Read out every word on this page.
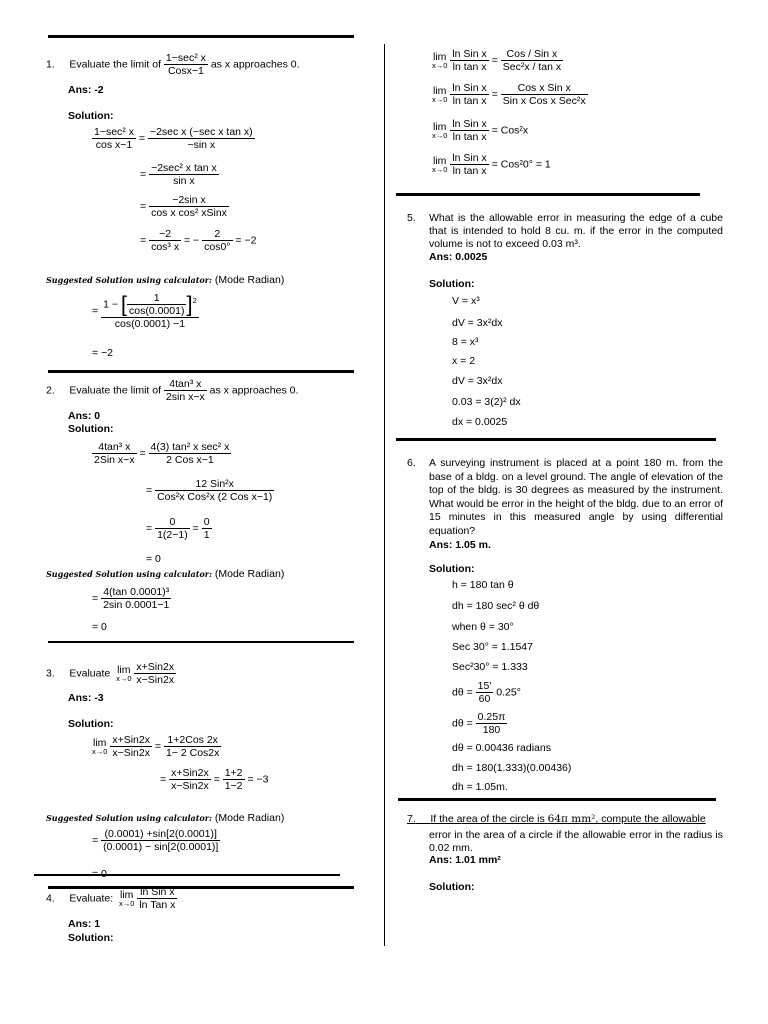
1. Evaluate the limit of $\frac{\text{1−sec² x}}{\text{Cosx−1}}$ as x approaches 0.
Ans: -2
Solution:
$\frac{\text{1−sec² x}}{\text{cos x−1}} = \frac{\text{−2sec x (−sec x tan x)}}{\text{−sin x}}$
= $\frac{\text{−2sec² x tan x}}{\text{sin x}}$
= $\frac{\text{−2sin x}}{\text{cos x cos² xSinx}}$
= $\frac{-2}{\text{cos³ x}}$ = − $\frac{2}{\cos 0^\circ} = -2$
Suggested Solution using calculator: (Mode Radian)
= $\frac{1 - [ \frac{1}{\cos(0.0001)} ]^2}{\cos(0.0001) -1}$
= −2
2. Evaluate the limit of $\frac{\text{4tan³ x}}{\text{2sin x−x}}$ as x approaches 0.
Ans: 0
Solution:
$\frac{\text{4tan³ x}}{\text{2Sin x−x}} = \frac{\text{4(3) tan² x sec² x}}{\text{2 Cos x−1}}$
= $\frac{\text{12 Sin²x}}{\text{Cos²x Cos²x (2 Cos x−1)}}$
= $\frac{0}{1(2-1)} = \frac{0}{1}$
= 0
Suggested Solution using calculator: (Mode Radian)
= $\frac{\text{4(tan 0.0001)³}}{2\sin 0.0001-1}$
= 0
3. Evaluate lim
x→0
$\frac{\text{x+Sin2x}}{\text{x−Sin2x}}$
Ans: -3
Solution:
lim
x→0
$\frac{\text{x+Sin2x}}{\text{x−Sin2x}} = \frac{\text{1+2Cos 2x}}{\text{1− 2 Cos2x}}$
= $\frac{\text{x+Sin2x}}{\text{x−Sin2x}} = \frac{1+2}{1-2} = -3$
Suggested Solution using calculator: (Mode Radian)
= $\frac{(0.0001) +\sin[2(0.0001)]}{(0.0001) - \sin[2(0.0001)]}$
= 0
4. Evaluate: lim
x→0
$\frac{\text{ln Sin x}}{\text{ln Tan x}}$
Ans: 1
Solution:
lim
x→0
$\frac{\text{ln Sin x}}{\text{ln tan x}} = \frac{\text{Cos / Sin x}}{\text{Sec²x / tan x}}$
lim
x→0
$\frac{\text{ln Sin x}}{\text{ln tan x}} = \frac{\text{Cos x Sin x}}{\text{Sin x Cos x Sec²x}}$
lim
x→0
$\frac{\text{ln Sin x}}{\text{ln tan x}} = Cos^2x$
lim
x→0
$\frac{\text{ln Sin x}}{\text{ln tan x}} = Cos^20^\circ = 1$
5. What is the allowable error in measuring the edge of a cube that is intended to hold 8 cu. m. if the error in the computed volume is not to exceed 0.03 m³.
Ans: 0.0025
Solution:
V = x³
dV = 3x²dx
8 = x³
x = 2
dV = 3x²dx
0.03 = 3(2)² dx
dx = 0.0025
6. A surveying instrument is placed at a point 180 m. from the base of a bldg. on a level ground. The angle of elevation of the top of the bldg. is 30 degrees as measured by the instrument. What would be error in the height of the bldg. due to an error of 15 minutes in this measured angle by using differential equation?
Ans: 1.05 m.
Solution:
h = 180 tan θ
dh = 180 sec² θ dθ
when θ = 30°
Sec 30° = 1.1547
Sec²30° = 1.333
$d\theta = \frac{15'}{60} 0.25^\circ$
$d\theta = \frac{0.25\pi}{180}$
dθ = 0.00436 radians
dh = 180(1.333)(0.00436)
dh = 1.05m.
7. If the area of the circle is 64π mm², compute the allowable
error in the area of a circle if the allowable error in the radius is 0.02 mm.
Ans: 1.01 mm²
Solution:
